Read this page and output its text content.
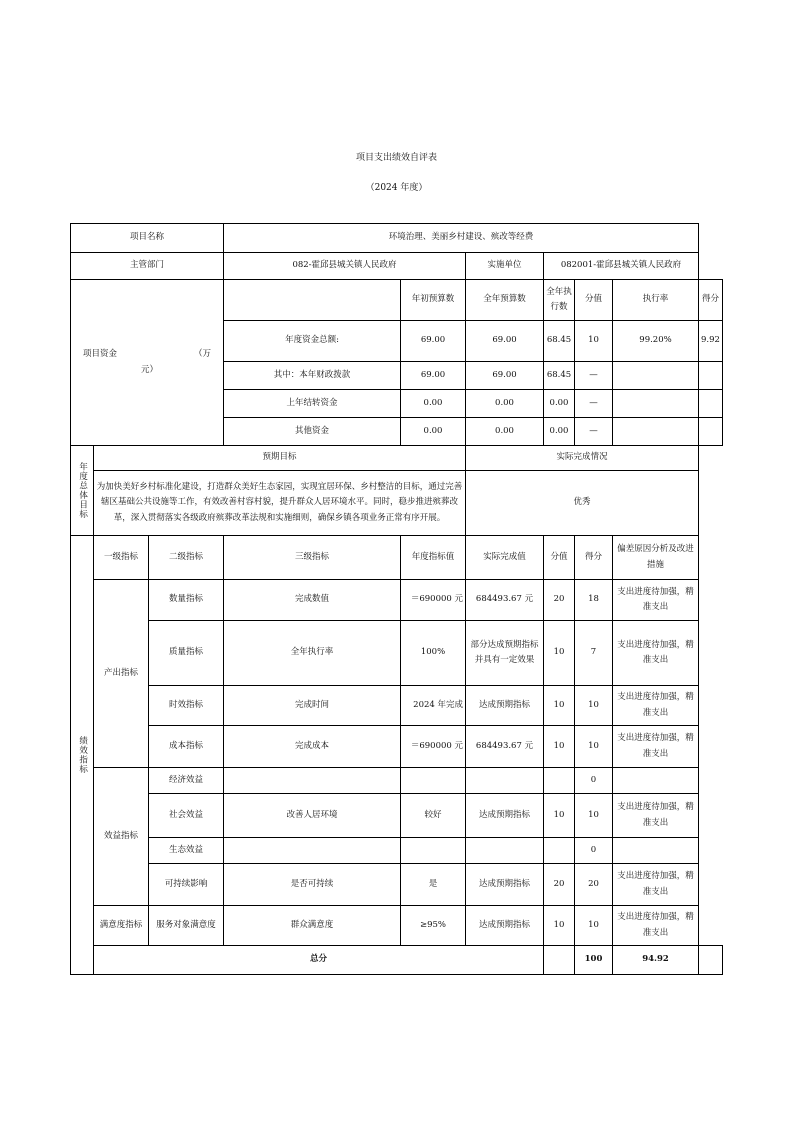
项目支出绩效自评表
（2024 年度）
项目名称			环境治理、美丽乡村建设、殡改等经费						
主管部门			082-霍邱县城关镇人民政府		实施单位	082001-霍邱县城关镇人民政府			

项目资金 （万
元）				年初预算数	全年预算数	全年执行数	分值	执行率	得分
			年度资金总额:	69.00	69.00	68.45	10	99.20%	9.92
			其中：本年财政拨款	69.00	69.00	68.45	—		
			上年结转资金	0.00	0.00	0.00	—		
			其他资金	0.00	0.00	0.00	—		
年度总体目标	预期目标				实际完成情况				
	为加快美好乡村标准化建设，打造群众美好生态家园，实现宜居环保、乡村整洁的目标，通过完善辖区基础公共设施等工作，有效改善村容村貌，提升群众人居环境水平。同时，稳步推进殡葬改革，深入贯彻落实各级政府殡葬改革法规和实施细则，确保乡镇各项业务正常有序开展。				优秀				
绩效指标	一级指标	二级指标	三级指标	年度指标值	实际完成值	分值	得分	偏差原因分析及改进措施	
	产出指标	数量指标	完成数值	＝690000 元	684493.67 元	20	18	支出进度待加强，精准支出	
		质量指标	全年执行率	100%	部分达成预期指标并具有一定效果	10	7	支出进度待加强，精准支出	
		时效指标	完成时间	2024 年完成	达成预期指标	10	10	支出进度待加强，精准支出	
		成本指标	完成成本	＝690000 元	684493.67 元	10	10	支出进度待加强，精准支出	
	效益指标	经济效益					0		
		社会效益	改善人居环境	较好	达成预期指标	10	10	支出进度待加强，精准支出	
		生态效益					0		
		可持续影响	是否可持续	是	达成预期指标	20	20	支出进度待加强，精准支出	
	满意度指标	服务对象满意度	群众满意度	≥95%	达成预期指标	10	10	支出进度待加强，精准支出	
	总分						100	94.92	
